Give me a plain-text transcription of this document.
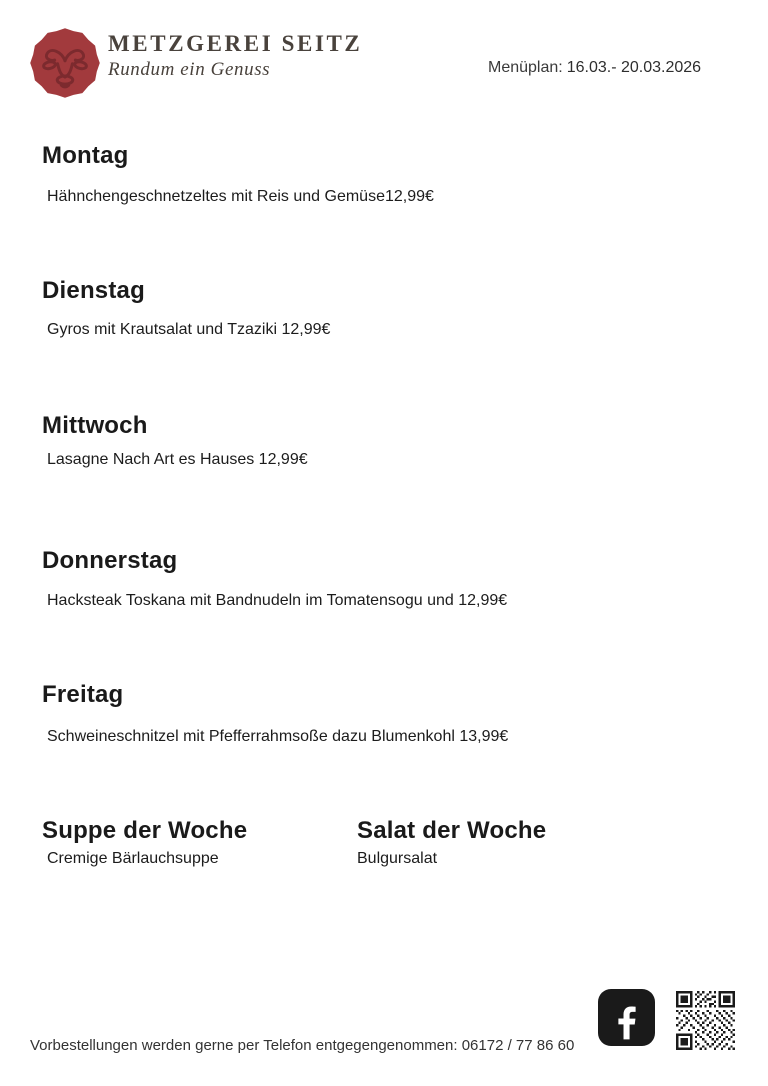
METZGEREI SEITZ
Rundum ein Genuss	Menüplan: 16.03.- 20.03.2026
Montag
Hähnchengeschnetzeltes mit Reis und Gemüse12,99€
Dienstag
Gyros mit Krautsalat und Tzaziki 12,99€
Mittwoch
Lasagne Nach Art es Hauses 12,99€
Donnerstag
Hacksteak Toskana mit Bandnudeln im Tomatensogu und 12,99€
Freitag
Schweineschnitzel mit Pfefferrahmsoße dazu Blumenkohl 13,99€
Suppe der Woche
Cremige Bärlauchsuppe
Salat der Woche
Bulgursalat
Vorbestellungen werden gerne per Telefon entgegengenommen: 06172 / 77 86 60
